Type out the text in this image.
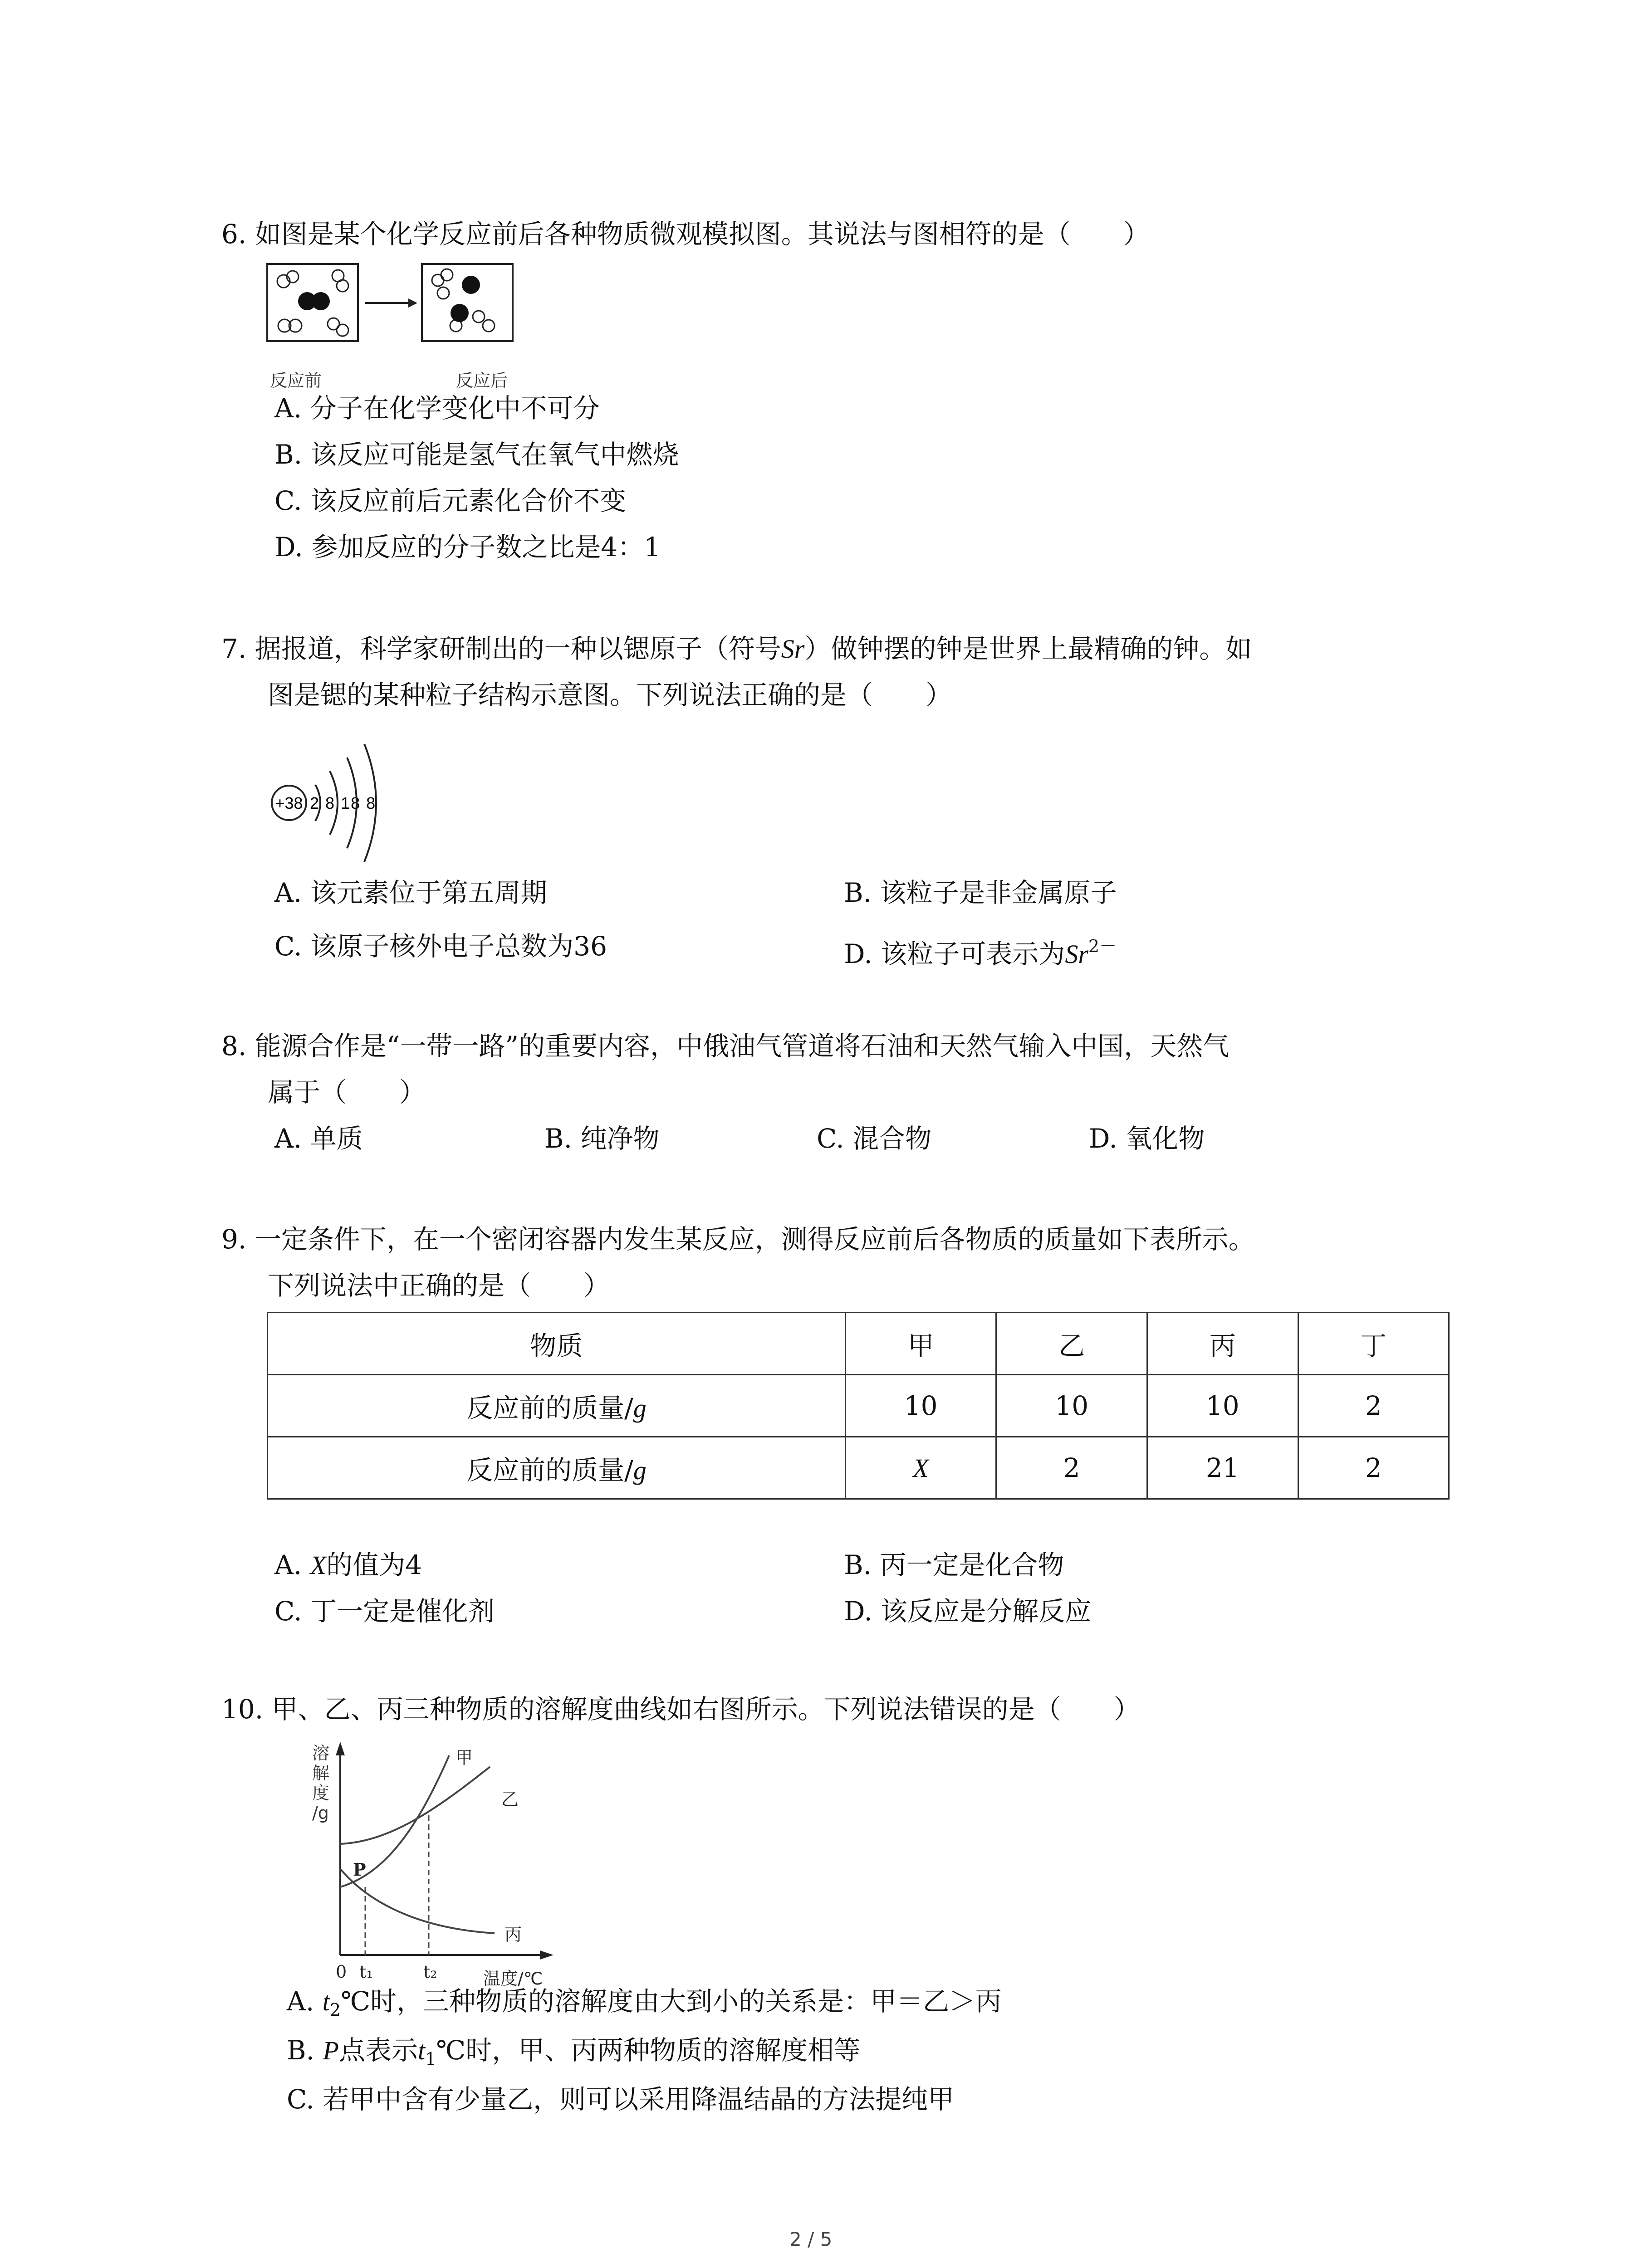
6. 如图是某个化学反应前后各种物质微观模拟图。其说法与图相符的是（　　）
反应前	反应后
A. 分子在化学变化中不可分
B. 该反应可能是氢气在氧气中燃烧
C. 该反应前后元素化合价不变
D. 参加反应的分子数之比是4：1
7. 据报道，科学家研制出的一种以锶原子（符号Sr）做钟摆的钟是世界上最精确的钟。如
图是锶的某种粒子结构示意图。下列说法正确的是（　　）
+38 2 8 18 8
A. 该元素位于第五周期	B. 该粒子是非金属原子
C. 该原子核外电子总数为36	D. 该粒子可表示为$Sr^{2-}$
8. 能源合作是“一带一路”的重要内容，中俄油气管道将石油和天然气输入中国，天然气
属于（　　）
A. 单质	B. 纯净物	C. 混合物	D. 氧化物
9. 一定条件下，在一个密闭容器内发生某反应，测得反应前后各物质的质量如下表所示。
下列说法中正确的是（　　）
物质	甲	乙	丙	丁
反应前的质量/g	10	10	10	2
反应前的质量/g	X	2	21	2
A. X的值为4	B. 丙一定是化合物
C. 丁一定是催化剂	D. 该反应是分解反应
10. 甲、乙、丙三种物质的溶解度曲线如右图所示。下列说法错误的是（　　）
溶
解
度
/g
P
甲
乙
丙
0 t₁	t₂	温度/℃
A. $t_2℃$时，三种物质的溶解度由大到小的关系是：甲＝乙＞丙
B. P点表示$t_1℃$时，甲、丙两种物质的溶解度相等
C. 若甲中含有少量乙，则可以采用降温结晶的方法提纯甲
2 / 5
